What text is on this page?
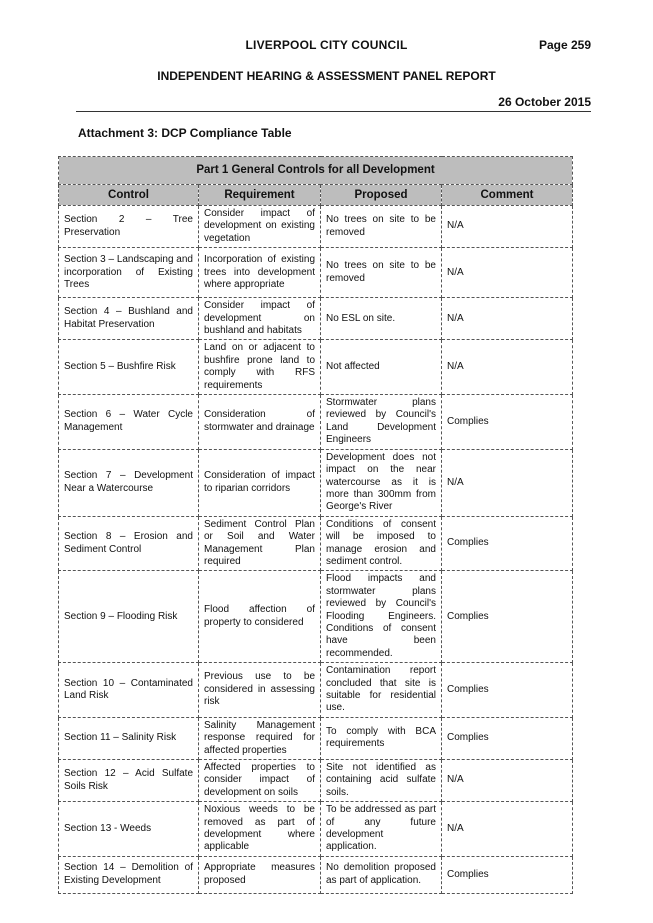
LIVERPOOL CITY COUNCIL	Page 259
INDEPENDENT HEARING & ASSESSMENT PANEL REPORT
26 October 2015
Attachment 3: DCP Compliance Table
Part 1 General Controls for all Development			
Control	Requirement	Proposed	Comment
Section 2 – Tree Preservation	Consider impact of development on existing vegetation	No trees on site to be removed	N/A
Section 3 – Landscaping and incorporation of Existing Trees	Incorporation of existing trees into development where appropriate	No trees on site to be removed	N/A
Section 4 – Bushland and Habitat Preservation	Consider impact of development on bushland and habitats	No ESL on site.	N/A
Section 5 – Bushfire Risk	Land on or adjacent to bushfire prone land to comply with RFS requirements	Not affected	N/A
Section 6 – Water Cycle Management	Consideration of stormwater and drainage	Stormwater plans reviewed by Council's Land Development Engineers	Complies
Section 7 – Development Near a Watercourse	Consideration of impact to riparian corridors	Development does not impact on the near watercourse as it is more than 300mm from George's River	N/A
Section 8 – Erosion and Sediment Control	Sediment Control Plan or Soil and Water Management Plan required	Conditions of consent will be imposed to manage erosion and sediment control.	Complies
Section 9 – Flooding Risk	Flood affection of property to considered	Flood impacts and stormwater plans reviewed by Council's Flooding Engineers. Conditions of consent have been recommended.	Complies
Section 10 – Contaminated Land Risk	Previous use to be considered in assessing risk	Contamination report concluded that site is suitable for residential use.	Complies
Section 11 – Salinity Risk	Salinity Management response required for affected properties	To comply with BCA requirements	Complies
Section 12 – Acid Sulfate Soils Risk	Affected properties to consider impact of development on soils	Site not identified as containing acid sulfate soils.	N/A
Section 13 - Weeds	Noxious weeds to be removed as part of development where applicable	To be addressed as part of any future development application.	N/A
Section 14 – Demolition of Existing Development	Appropriate measures proposed	No demolition proposed as part of application.	Complies
